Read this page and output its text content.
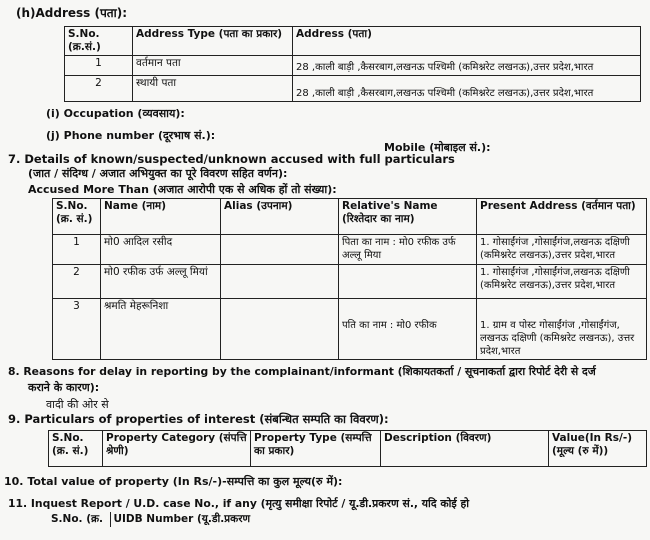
(h)Address (पता):
S.No.(क्र.सं.)	Address Type (पता का प्रकार)	Address (पता)
1	वर्तमान पता	28 ,काली बाड़ी ,कैसरबाग,लखनऊ पश्चिमी (कमिश्नरेट लखनऊ),उत्तर प्रदेश,भारत
2	स्थायी पता	28 ,काली बाड़ी ,कैसरबाग,लखनऊ पश्चिमी (कमिश्नरेट लखनऊ),उत्तर प्रदेश,भारत
(i) Occupation (व्यवसाय):
(j) Phone number (दूरभाष सं.):
Mobile (मोबाइल सं.):
7. Details of known/suspected/unknown accused with full particulars
(जात / संदिग्ध / अजात अभियुक्त का पूरे विवरण सहित वर्णन):
Accused More Than (अजात आरोपी एक से अधिक हों तो संख्या):
S.No.(क्र. सं.)	Name (नाम)	Alias (उपनाम)	Relative's Name (रिश्तेदार का नाम)	Present Address (वर्तमान पता)
1	मो0 आदिल रसीद		पिता का नाम : मो0 रफीक उर्फ अल्लू मिया	1. गोसाईंगंज ,गोसाईंगंज,लखनऊ दक्षिणी (कमिश्नरेट लखनऊ),उत्तर प्रदेश,भारत
2	मो0 रफीक उर्फ अल्लू मियां			1. गोसाईंगंज ,गोसाईंगंज,लखनऊ दक्षिणी (कमिश्नरेट लखनऊ),उत्तर प्रदेश,भारत
3	श्रमति मेहरूनिशा		पति का नाम : मो0 रफीक	1. ग्राम व पोस्ट गोसाईंगंज ,गोसाईंगंज, लखनऊ दक्षिणी (कमिश्नरेट लखनऊ), उत्तर प्रदेश,भारत
8. Reasons for delay in reporting by the complainant/informant (शिकायतकर्ता / सूचनाकर्ता द्वारा रिपोर्ट देरी से दर्ज
कराने के कारण):
वादी की ओर से
9. Particulars of properties of interest (संबन्धित सम्पति का विवरण):
S.No. (क्र. सं.)	Property Category (संपत्ति श्रेणी)	Property Type (सम्पत्ति का प्रकार)	Description (विवरण)	Value(In Rs/-) (मूल्य (रु में))
10. Total value of property (In Rs/-)-सम्पत्ति का कुल मूल्य(रु में):
11. Inquest Report / U.D. case No., if any (मृत्यु समीक्षा रिपोर्ट / यू.डी.प्रकरण सं., यदि कोई हो
S.No. (क्र.	UIDB Number (यू.डी.प्रकरण
